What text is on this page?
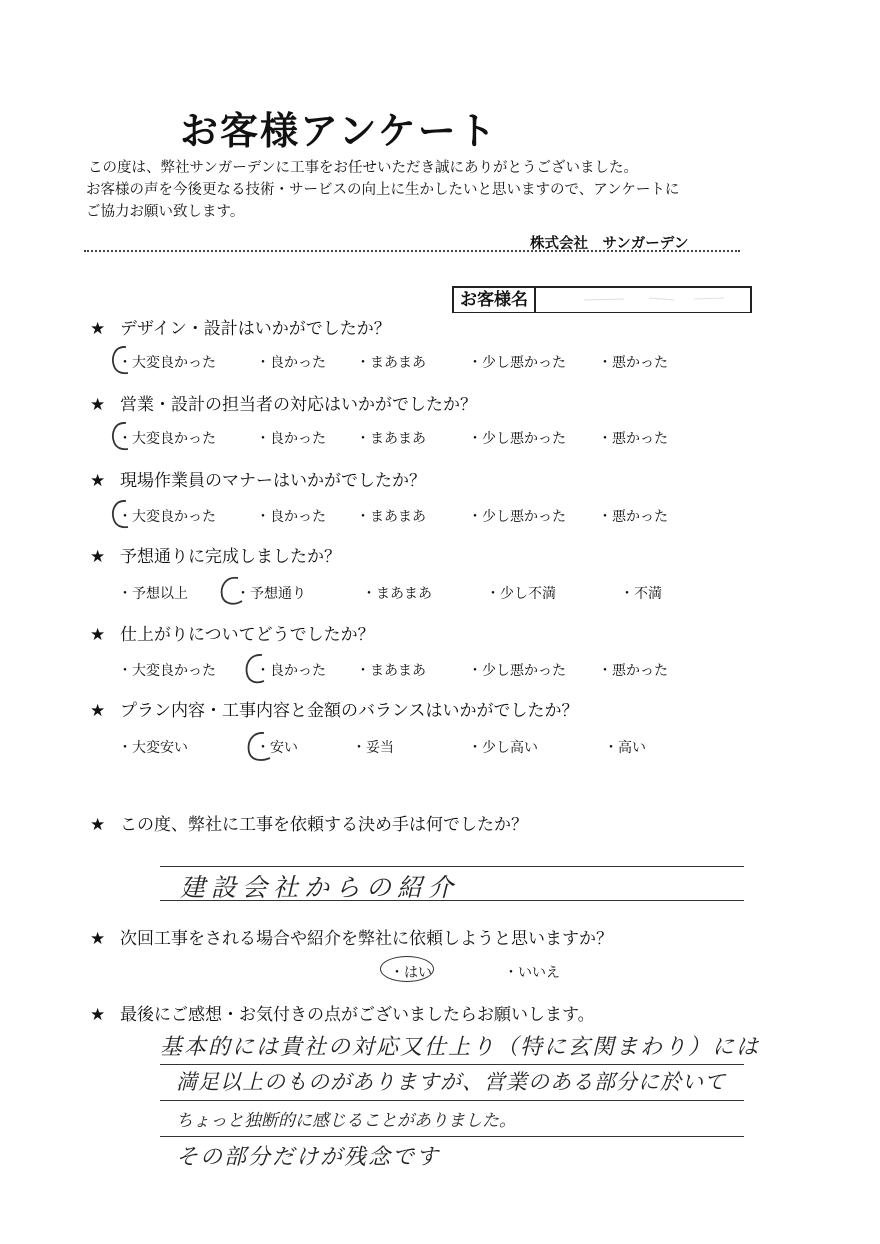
お客様アンケート
この度は、弊社サンガーデンに工事をお任せいただき誠にありがとうございました。
お客様の声を今後更なる技術・サービスの向上に生かしたいと思いますので、アンケートに
ご協力お願い致します。
株式会社　サンガーデン
お客様名
★ デザイン・設計はいかがでしたか？
・大変良かった	・良かった ・まあまあ	・少し悪かった ・悪かった
★ 営業・設計の担当者の対応はいかがでしたか？
・大変良かった	・良かった ・まあまあ	・少し悪かった ・悪かった
★ 現場作業員のマナーはいかがでしたか？
・大変良かった	・良かった ・まあまあ	・少し悪かった ・悪かった
★ 予想通りに完成しましたか？
・予想以上	・予想通り	・まあまあ	・少し不満	・不満
★ 仕上がりについてどうでしたか？
・大変良かった	・良かった ・まあまあ	・少し悪かった ・悪かった
★ プラン内容・工事内容と金額のバランスはいかがでしたか？
・大変安い	・安い	・妥当	・少し高い	・高い
★ この度、弊社に工事を依頼する決め手は何でしたか？
建設会社からの紹介
★ 次回工事をされる場合や紹介を弊社に依頼しようと思いますか？
・はい	・いいえ
★ 最後にご感想・お気付きの点がございましたらお願いします。
基本的には貴社の対応又仕上り（特に玄関まわり）には
満足以上のものがありますが、営業のある部分に於いて
ちょっと独断的に感じることがありました。
その部分だけが残念です
